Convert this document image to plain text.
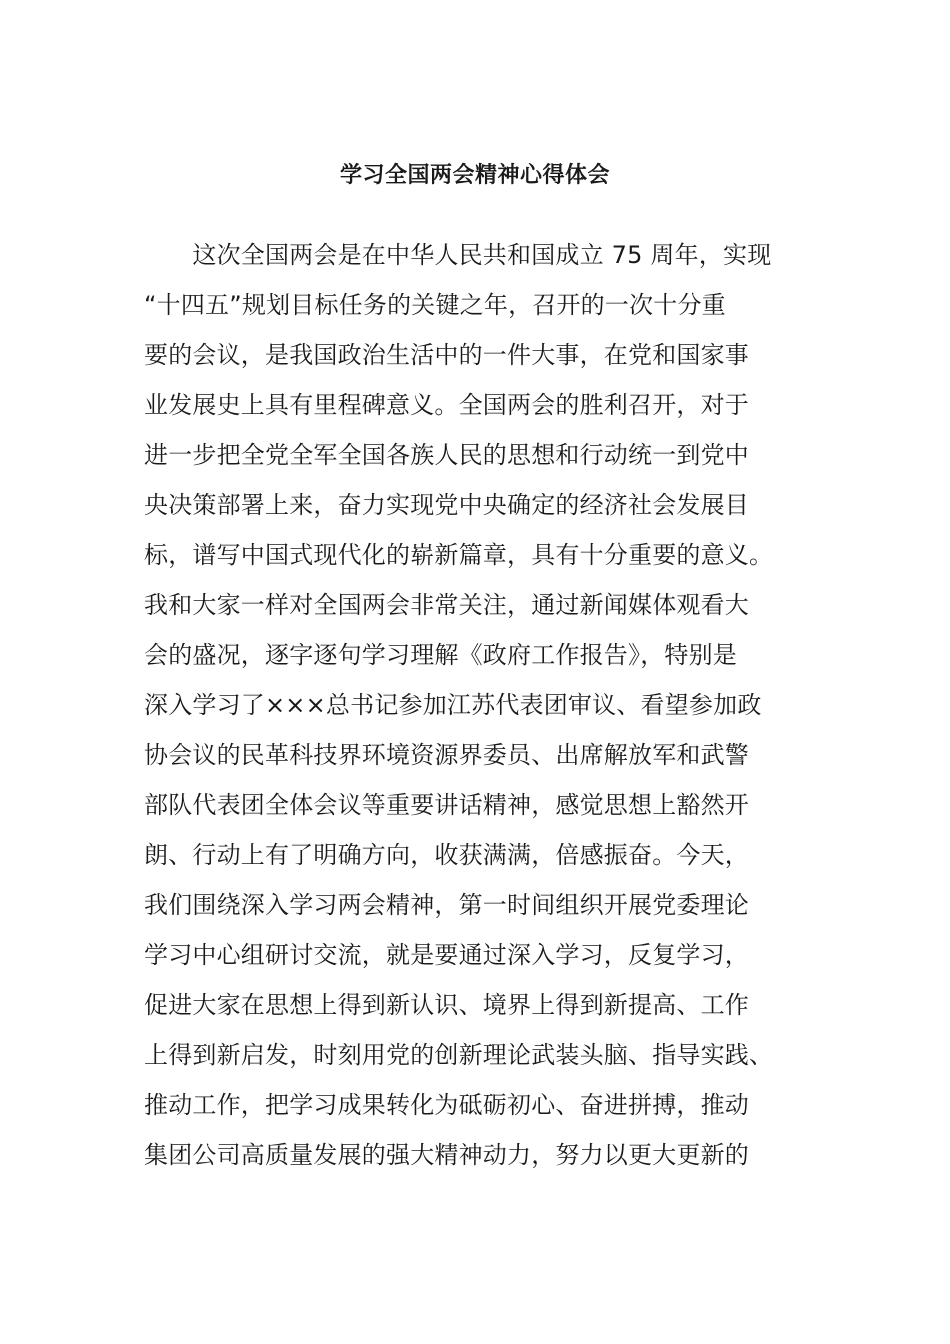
学习全国两会精神心得体会
　　这次全国两会是在中华人民共和国成立 75 周年，实现
“十四五”规划目标任务的关键之年，召开的一次十分重
要的会议，是我国政治生活中的一件大事，在党和国家事
业发展史上具有里程碑意义。全国两会的胜利召开，对于
进一步把全党全军全国各族人民的思想和行动统一到党中
央决策部署上来，奋力实现党中央确定的经济社会发展目
标，谱写中国式现代化的崭新篇章，具有十分重要的意义。
我和大家一样对全国两会非常关注，通过新闻媒体观看大
会的盛况，逐字逐句学习理解《政府工作报告》，特别是
深入学习了×××总书记参加江苏代表团审议、看望参加政
协会议的民革科技界环境资源界委员、出席解放军和武警
部队代表团全体会议等重要讲话精神，感觉思想上豁然开
朗、行动上有了明确方向，收获满满，倍感振奋。今天，
我们围绕深入学习两会精神，第一时间组织开展党委理论
学习中心组研讨交流，就是要通过深入学习，反复学习，
促进大家在思想上得到新认识、境界上得到新提高、工作
上得到新启发，时刻用党的创新理论武装头脑、指导实践、
推动工作，把学习成果转化为砥砺初心、奋进拼搏，推动
集团公司高质量发展的强大精神动力，努力以更大更新的
